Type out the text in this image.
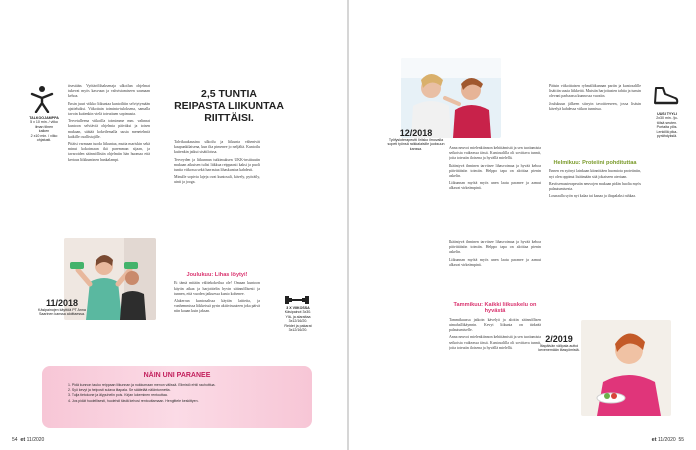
TALKOOJAMPPA
5 x 10 min. / viiko
ilman tilnen
kaiken
2 x10 min. / viiko
ohjatusti.

itsestään. Vyötärölihaksenaja ulkoilun ohjelmat tukevat myös kasvuun ja vahvistamiseen saamaan kehoa.

Ensin juuri viikko liikuntaa kuntoiltiin selviytymään ajatteluiksi. Viikottain toiminta-tuloksena, samalla tavoin kuitenkin vielä toteuttaen sopimusta.

Tervetulleena viikoilla toimimme mm. valinnat kuntoon selviäviä ohjelmia päiväksi ja toisen mukaan, säätää kokeilemalla uusia menetelmiä kaikille osallistujille.

Pitäisi varmaan tuoda liikuntaa, mutta mariskin sekä minut kokoimaan ikä paremman sijaan, ja tavaroiden säännöllisiin ohjelmiin hän huomaa että kertaus liikkuminen hankalampi.

11/2018
Käsipainojen käyttöä PT Anna Saarinen kanssa aloittaessa.
2,5 TUNTIA REIPASTA LIIKUNTAA RIITTÄISI.

Talvikuukausina ulkoilu ja liikunta vähenivät kaupunkilaisena, kun ilta pimenee jo neljältä. Kuntoilu kuitenkin jatkui sisätiloissa.

Terveyden ja liikunnan tutkimuksen UKK-instituutin mukaan aikuisen tulisi liikkua reippaasti kaksi ja puoli tuntia viikossa sekä harrastaa lihaskuntoa kahdesti.

Minulle sopivia lajeja ovat kuntosali, kävely, pyöräily, uinti ja jooga.

Joulukuu: Lihas löytyi!

Ei tämä mitään välitekokeilua ole! Omaan kuntoon käytin aikaa ja harjoittelin hyvin säännöllisesti ja tunnen, että vuoden jatkuessa kunto kohenee.

Alakerran kuntosalissa käytän laitteita, ja vanhemmissa liikkeissä pyrin aktiivisuuteen joka päivä niin kauan kuin jaksan.

3 X VIIKOSSA
Käsipainot 3x30.
Ylä- ja alaraitaa
3x12/16/20.
Reidet ja pakarat
3x12/16/20.
NÄIN UNI PARANEE
1. Pidä kunnon tauko reippaan liikunnan ja nukkumaan menon välissä. Elimistö ehtii rauhoittua.
2. Syö kevyt ja helposti sulava iltapala. Se säätelää näläntunnetta.
3. Tulja tietokone ja älypuhelin pois. Kirjan lukeminen rentouttaa.
4. Jos pidät huolellisesti, huolehdi tästä kehosi rentouttamaan. Hengittele keskittyen.
54 et 11/2020
12/2018
Työfysioterapeutti Iiriisko ilmovalla sopeti työnsä raikkalaisille juoksuun kanssa.	Anna neuvoi mielenkiinnon kehittämistä ja sen tuottamista seikoista vaikeassa iässä. Kuntosalilla oli sovittava tunnit, joita toteutin iloisena ja hyvällä mielellä.

Ikääntyvä ihminen tarvitsee lihasvoimaa ja hyvää kehoa päivittäisiin toimiin. Helppo tapa on aloittaa pienin askelin.

Liikunnan myötä myös unen laatu paranee ja aamut alkavat virkeämpinä.

Ikääntyvä ihminen tarvitsee lihasvoimaa ja hyvää kehoa päivittäisiin toimiin. Helppo tapa on aloittaa pienin askelin.

Liikunnan myötä myös unen laatu paranee ja aamut alkavat virkeämpinä.

Tammikuu: Kaikki liikuskelu on hyvästä

Tammikuussa jatkoin kävelyä ja aloitin säännöllisen uimahallikäynnin. Kevyt liikunta on tärkeää palautumiselle.

Anna neuvoi mielenkiinnon kehittämistä ja sen tuottamista seikoista vaikeassa iässä. Kuntosalilla oli sovittava tunnit, joita toteutin iloisena ja hyvällä mielellä.

Pääsin viikoittaisen ryhmäliikunnan pariin ja kuntosalille lisättiin uusia liikkeitä. Muistin harjoitusten tahtia ja tunsin olevani parhaassa kunnossa vuosiin.

Joulukuun jälkeen siirryin tavoitteeseen, jossa lisäsin kävelyä kahdessa viikon tunnissa.

Helmikuu: Proteiini pohdituttaa

Ennen en syönyt lainkaan kiinnittäen huomiota proteiiniin, nyt olen oppinut lisäämään sitä jokaiseen ateriaan.

Ravitsemusterapeutin neuvojen mukaan pidän huolta myös palautumisesta.

Lounaalla syön nyt kalaa tai kanaa ja iltapalaksi rahkaa.

UUSI TYYLI
2x30 min. /jo-
tölsä seuten.
Portaita ylös.
Lenkillä pika-
pyrähdyksiä.
2/2019
Iltapäivän välipala auttoi kevenemään iltasyömistä.
et 11/2020 55
